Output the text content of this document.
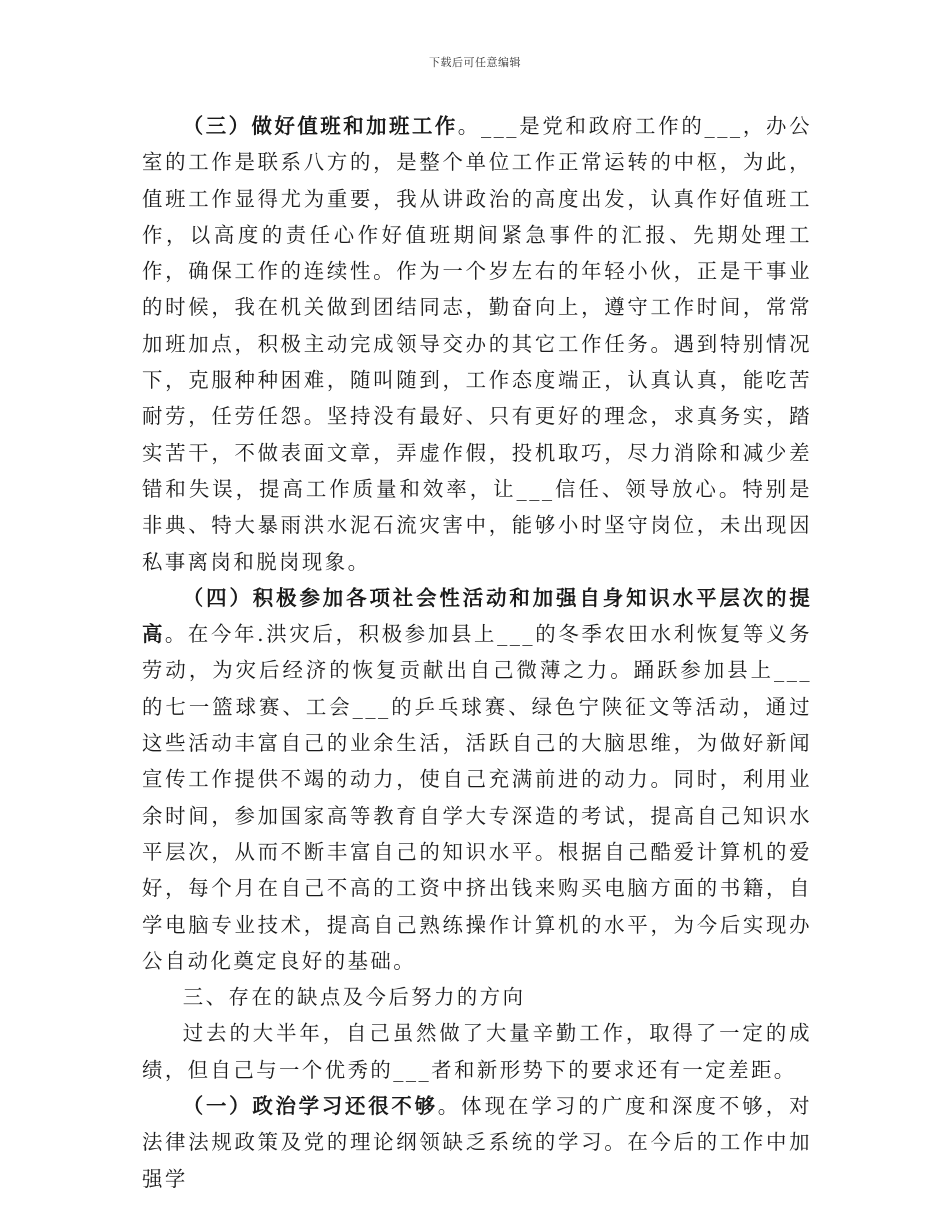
下载后可任意编辑

（三）做好值班和加班工作。___是党和政府工作的___，办公室的工作是联系八方的，是整个单位工作正常运转的中枢，为此，值班工作显得尤为重要，我从讲政治的高度出发，认真作好值班工作，以高度的责任心作好值班期间紧急事件的汇报、先期处理工作，确保工作的连续性。作为一个岁左右的年轻小伙，正是干事业的时候，我在机关做到团结同志，勤奋向上，遵守工作时间，常常加班加点，积极主动完成领导交办的其它工作任务。遇到特别情况下，克服种种困难，随叫随到，工作态度端正，认真认真，能吃苦耐劳，任劳任怨。坚持没有最好、只有更好的理念，求真务实，踏实苦干，不做表面文章，弄虚作假，投机取巧，尽力消除和减少差错和失误，提高工作质量和效率，让___信任、领导放心。特别是非典、特大暴雨洪水泥石流灾害中，能够小时坚守岗位，未出现因私事离岗和脱岗现象。

（四）积极参加各项社会性活动和加强自身知识水平层次的提高。在今年.洪灾后，积极参加县上___的冬季农田水利恢复等义务劳动，为灾后经济的恢复贡献出自己微薄之力。踊跃参加县上___的七一篮球赛、工会___的乒乓球赛、绿色宁陕征文等活动，通过这些活动丰富自己的业余生活，活跃自己的大脑思维，为做好新闻宣传工作提供不竭的动力，使自己充满前进的动力。同时，利用业余时间，参加国家高等教育自学大专深造的考试，提高自己知识水平层次，从而不断丰富自己的知识水平。根据自己酷爱计算机的爱好，每个月在自己不高的工资中挤出钱来购买电脑方面的书籍，自学电脑专业技术，提高自己熟练操作计算机的水平，为今后实现办公自动化奠定良好的基础。

三、存在的缺点及今后努力的方向

过去的大半年，自己虽然做了大量辛勤工作，取得了一定的成绩，但自己与一个优秀的___者和新形势下的要求还有一定差距。

（一）政治学习还很不够。体现在学习的广度和深度不够，对法律法规政策及党的理论纲领缺乏系统的学习。在今后的工作中加强学
